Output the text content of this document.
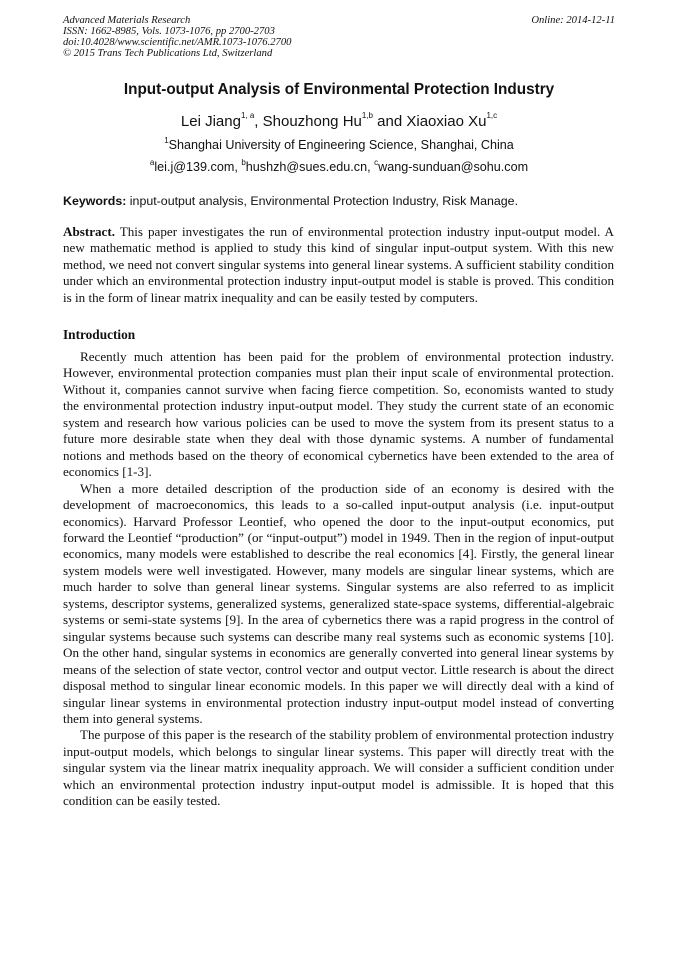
Advanced Materials Research
ISSN: 1662-8985, Vols. 1073-1076, pp 2700-2703
doi:10.4028/www.scientific.net/AMR.1073-1076.2700
© 2015 Trans Tech Publications Ltd, Switzerland
Online: 2014-12-11
Input-output Analysis of Environmental Protection Industry
Lei Jiang$^{1, a}$, Shouzhong Hu$^{1,b}$ and Xiaoxiao Xu$^{1,c}$
$^1$Shanghai University of Engineering Science, Shanghai, China
$^a$lei.j@139.com, $^b$hushzh@sues.edu.cn, $^c$wang-sunduan@sohu.com
Keywords: input-output analysis, Environmental Protection Industry, Risk Manage.
Abstract. This paper investigates the run of environmental protection industry input-output model. A new mathematic method is applied to study this kind of singular input-output system. With this new method, we need not convert singular systems into general linear systems. A sufficient stability condition under which an environmental protection industry input-output model is stable is proved. This condition is in the form of linear matrix inequality and can be easily tested by computers.
Introduction

Recently much attention has been paid for the problem of environmental protection industry. However, environmental protection companies must plan their input scale of environmental protection. Without it, companies cannot survive when facing fierce competition. So, economists wanted to study the environmental protection industry input-output model. They study the current state of an economic system and research how various policies can be used to move the system from its present status to a future more desirable state when they deal with those dynamic systems. A number of fundamental notions and methods based on the theory of economical cybernetics have been extended to the area of economics [1-3].

When a more detailed description of the production side of an economy is desired with the development of macroeconomics, this leads to a so-called input-output analysis (i.e. input-output economics). Harvard Professor Leontief, who opened the door to the input-output economics, put forward the Leontief “production” (or “input-output”) model in 1949. Then in the region of input-output economics, many models were established to describe the real economics [4]. Firstly, the general linear system models were well investigated. However, many models are singular linear systems, which are much harder to solve than general linear systems. Singular systems are also referred to as implicit systems, descriptor systems, generalized systems, generalized state-space systems, differential-algebraic systems or semi-state systems [9]. In the area of cybernetics there was a rapid progress in the control of singular systems because such systems can describe many real systems such as economic systems [10]. On the other hand, singular systems in economics are generally converted into general linear systems by means of the selection of state vector, control vector and output vector. Little research is about the direct disposal method to singular linear economic models. In this paper we will directly deal with a kind of singular linear systems in environmental protection industry input-output model instead of converting them into general systems.

The purpose of this paper is the research of the stability problem of environmental protection industry input-output models, which belongs to singular linear systems. This paper will directly treat with the singular system via the linear matrix inequality approach. We will consider a sufficient condition under which an environmental protection industry input-output model is admissible. It is hoped that this condition can be easily tested.
